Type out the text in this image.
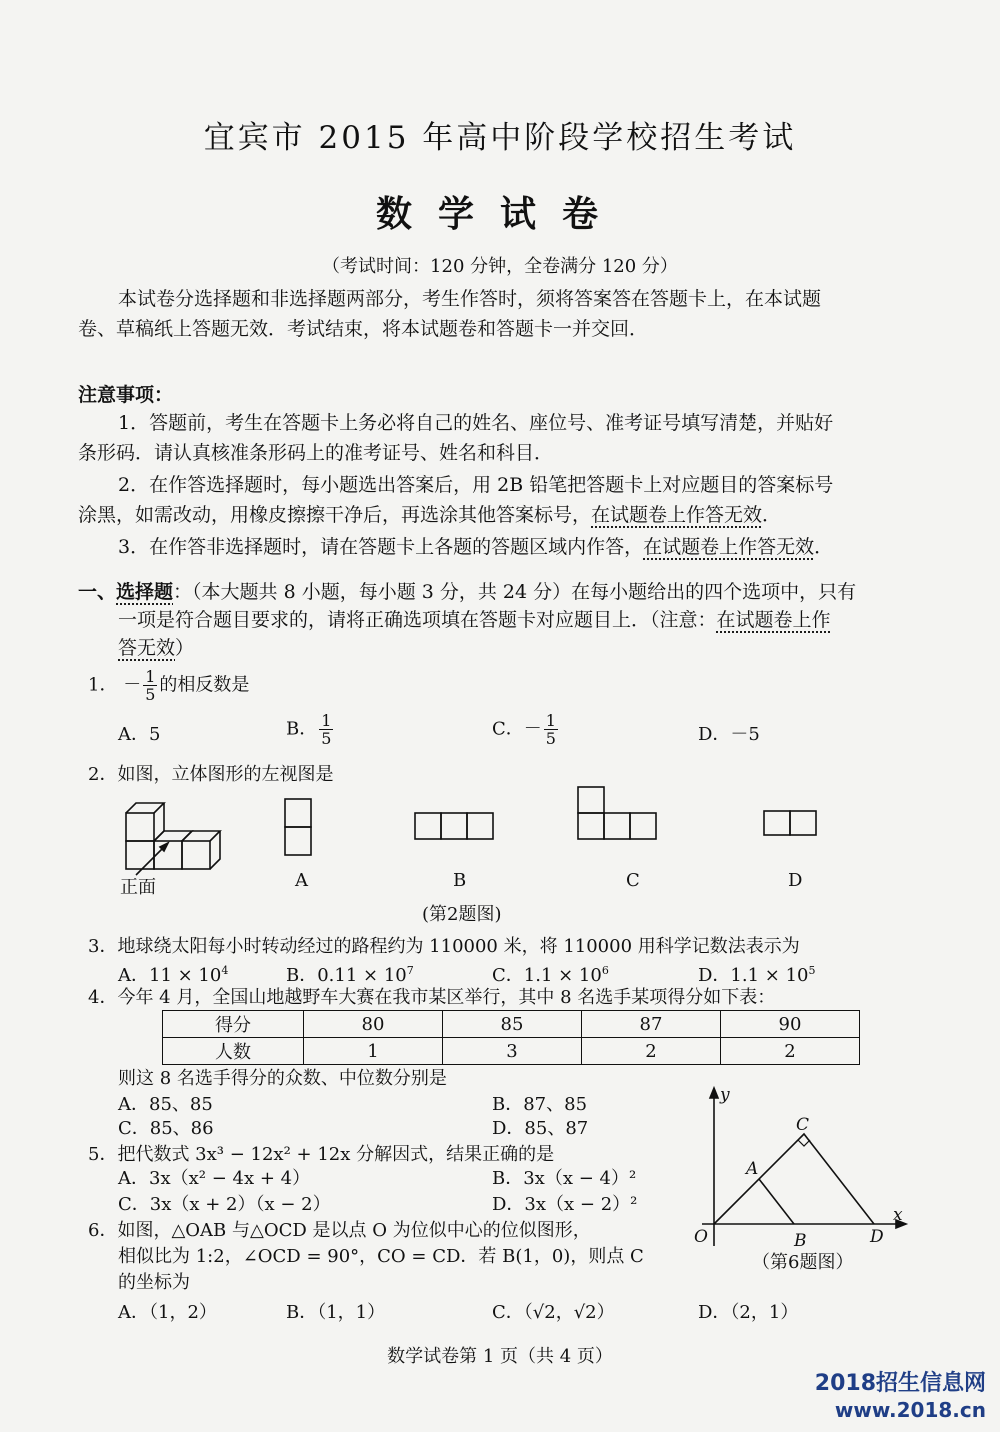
宜宾市 2015 年高中阶段学校招生考试
数学试卷
（考试时间：120 分钟，全卷满分 120 分）
本试卷分选择题和非选择题两部分，考生作答时，须将答案答在答题卡上，在本试题
卷、草稿纸上答题无效．考试结束，将本试题卷和答题卡一并交回．
注意事项：
1．答题前，考生在答题卡上务必将自己的姓名、座位号、准考证号填写清楚，并贴好
条形码．请认真核准条形码上的准考证号、姓名和科目．
2．在作答选择题时，每小题选出答案后，用 2B 铅笔把答题卡上对应题目的答案标号
涂黑，如需改动，用橡皮擦擦干净后，再选涂其他答案标号，在试题卷上作答无效．
3．在作答非选择题时，请在答题卡上各题的答题区域内作答，在试题卷上作答无效．
一、选择题：（本大题共 8 小题，每小题 3 分，共 24 分）在每小题给出的四个选项中，只有
一项是符合题目要求的，请将正确选项填在答题卡对应题目上．（注意：在试题卷上作
答无效）
1． － $\frac{1}{5}$ 的相反数是
A．5	B． $\frac{1}{5}$	C．－ $\frac{1}{5}$	D．－5
2．如图，立体图形的左视图是
正面	A	B	C	D
(第2题图)
3．地球绕太阳每小时转动经过的路程约为 110000 米，将 110000 用科学记数法表示为
A．$11 \times 10^4$	B．$0.11 \times 10^7$	C．$1.1 \times 10^6$	D．$1.1 \times 10^5$
4．今年 4 月，全国山地越野车大赛在我市某区举行，其中 8 名选手某项得分如下表：
得分	80	85	87	90
人数	1	3	2	2
则这 8 名选手得分的众数、中位数分别是
A．85、85	B．87、85
C．85、86	D．85、87
5．把代数式 3x³ − 12x² + 12x 分解因式，结果正确的是
A．3x（x² − 4x + 4）	B．3x（x − 4）²
C．3x（x + 2）（x − 2）	D．3x（x − 2）²
6．如图，△OAB 与△OCD 是以点 O 为位似中心的位似图形，
相似比为 1:2，∠OCD = 90°，CO = CD．若 B(1，0)，则点 C
的坐标为
A．（1，2）	B．（1，1）	C．（√2，√2）	D．（2，1）
y
x
O
A
B
C
D
（第6题图）
数学试卷第 1 页（共 4 页）
2018招生信息网
www.2018.cn
